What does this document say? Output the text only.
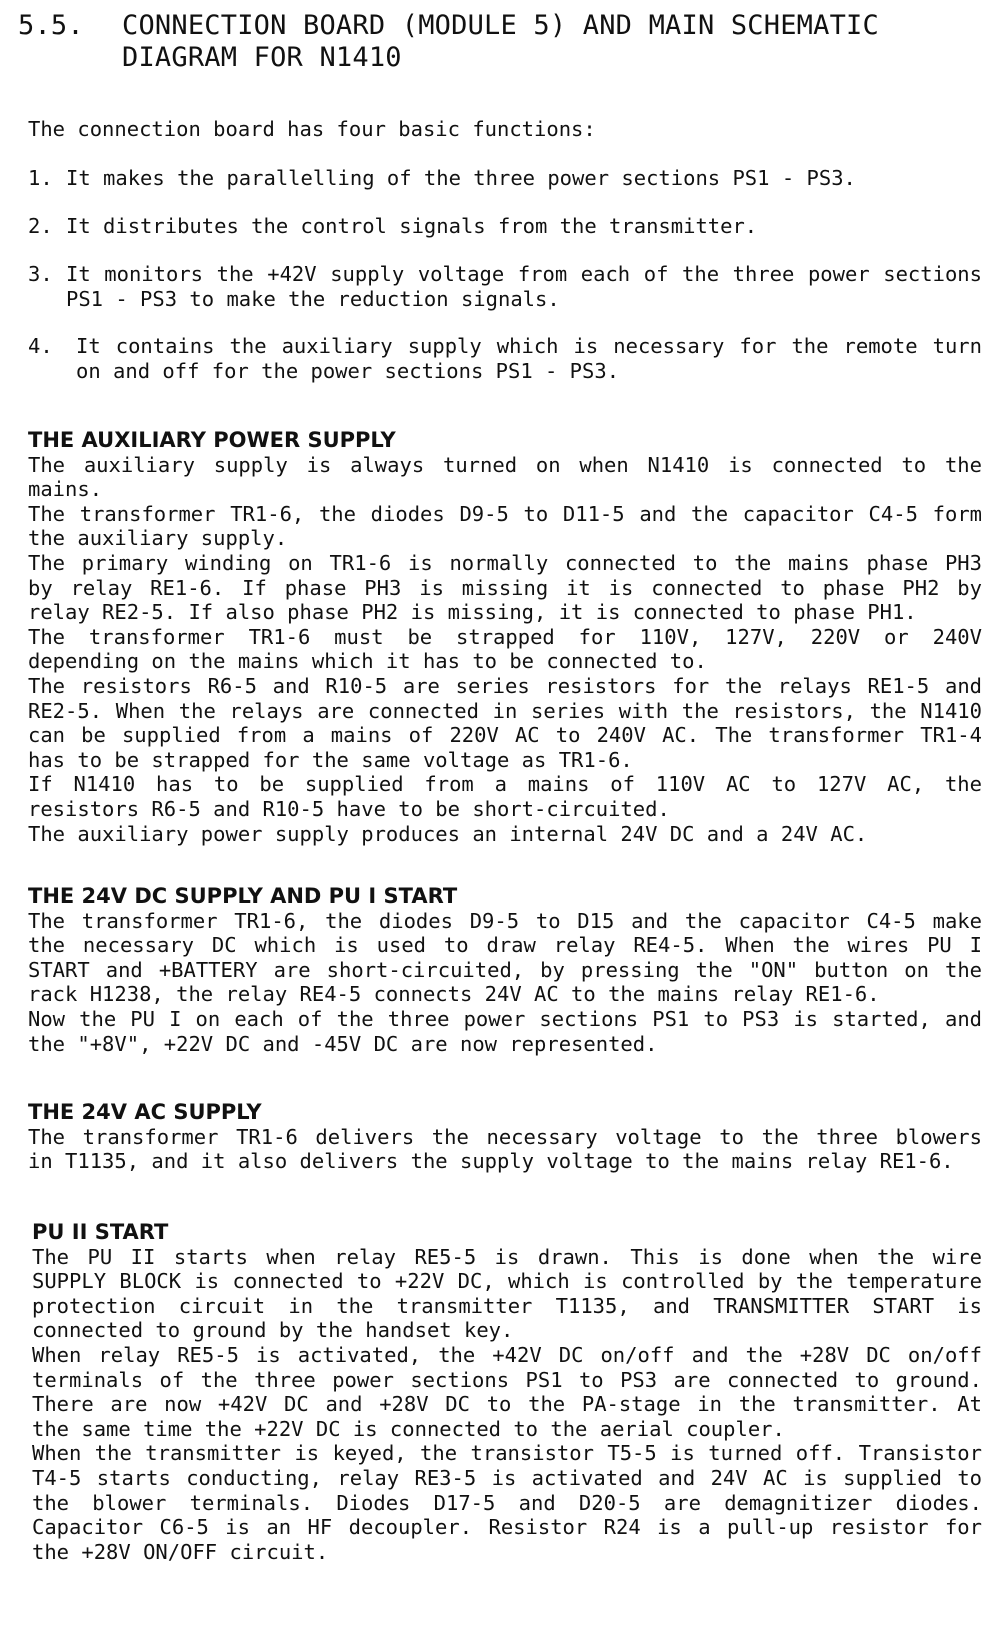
5.5. CONNECTION BOARD (MODULE 5) AND MAIN SCHEMATIC
DIAGRAM FOR N1410
The connection board has four basic functions:
1. It makes the parallelling of the three power sections PS1 - PS3.
2. It distributes the control signals from the transmitter.
3. It monitors the +42V supply voltage from each of the three power sections
PS1 - PS3 to make the reduction signals.
4. It contains the auxiliary supply which is necessary for the remote turn
on and off for the power sections PS1 - PS3.
THE AUXILIARY POWER SUPPLY
The auxiliary supply is always turned on when N1410 is connected to the
mains.
The transformer TR1-6, the diodes D9-5 to D11-5 and the capacitor C4-5 form
the auxiliary supply.
The primary winding on TR1-6 is normally connected to the mains phase PH3
by relay RE1-6. If phase PH3 is missing it is connected to phase PH2 by
relay RE2-5. If also phase PH2 is missing, it is connected to phase PH1.
The transformer TR1-6 must be strapped for 110V, 127V, 220V or 240V
depending on the mains which it has to be connected to.
The resistors R6-5 and R10-5 are series resistors for the relays RE1-5 and
RE2-5. When the relays are connected in series with the resistors, the N1410
can be supplied from a mains of 220V AC to 240V AC. The transformer TR1-4
has to be strapped for the same voltage as TR1-6.
If N1410 has to be supplied from a mains of 110V AC to 127V AC, the
resistors R6-5 and R10-5 have to be short-circuited.
The auxiliary power supply produces an internal 24V DC and a 24V AC.
THE 24V DC SUPPLY AND PU I START
The transformer TR1-6, the diodes D9-5 to D15 and the capacitor C4-5 make
the necessary DC which is used to draw relay RE4-5. When the wires PU I
START and +BATTERY are short-circuited, by pressing the "ON" button on the
rack H1238, the relay RE4-5 connects 24V AC to the mains relay RE1-6.
Now the PU I on each of the three power sections PS1 to PS3 is started, and
the "+8V", +22V DC and -45V DC are now represented.
THE 24V AC SUPPLY
The transformer TR1-6 delivers the necessary voltage to the three blowers
in T1135, and it also delivers the supply voltage to the mains relay RE1-6.
PU II START
The PU II starts when relay RE5-5 is drawn. This is done when the wire
SUPPLY BLOCK is connected to +22V DC, which is controlled by the temperature
protection circuit in the transmitter T1135, and TRANSMITTER START is
connected to ground by the handset key.
When relay RE5-5 is activated, the +42V DC on/off and the +28V DC on/off
terminals of the three power sections PS1 to PS3 are connected to ground.
There are now +42V DC and +28V DC to the PA-stage in the transmitter. At
the same time the +22V DC is connected to the aerial coupler.
When the transmitter is keyed, the transistor T5-5 is turned off. Transistor
T4-5 starts conducting, relay RE3-5 is activated and 24V AC is supplied to
the blower terminals. Diodes D17-5 and D20-5 are demagnitizer diodes.
Capacitor C6-5 is an HF decoupler. Resistor R24 is a pull-up resistor for
the +28V ON/OFF circuit.
